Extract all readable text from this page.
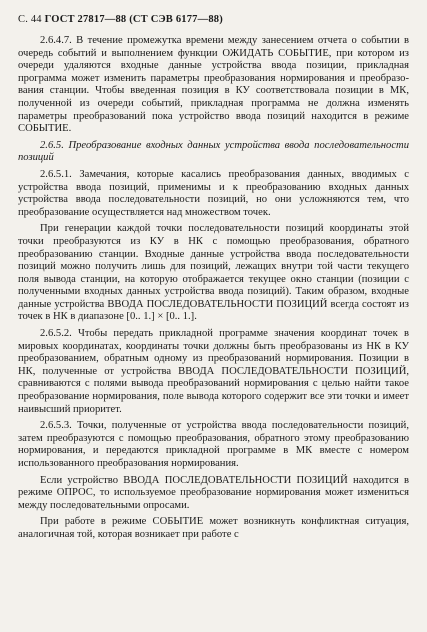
С. 44 ГОСТ 27817—88 (СТ СЭВ 6177—88)

2.6.4.7. В течение промежутка времени между занесением отчета о событии в очередь событий и выполнением функции ОЖИДАТЬ СОБЫТИЕ, при котором из очереди удаляются входные данные устройства ввода позиции, прикладная программа может изменить параметры преобразования нормирования и преобразования станции. Чтобы введенная позиция в КУ соответствовала позиции в МК, полученной из очереди событий, прикладная программа не должна изменять параметры преобразований пока устройство ввода позиций находится в режиме СОБЫТИЕ.

2.6.5. Преобразование входных данных устройства ввода последовательности позиций

2.6.5.1. Замечания, которые касались преобразования данных, вводимых с устройства ввода позиций, применимы и к преобразованию входных данных устройства ввода последовательности позиций, но они усложняются тем, что преобразование осуществляется над множеством точек.

При генерации каждой точки последовательности позиций координаты этой точки преобразуются из КУ в НК с помощью преобразования, обратного преобразованию станции. Входные данные устройства ввода последовательности позиций можно получить лишь для позиций, лежащих внутри той части текущего поля вывода станции, на которую отображается текущее окно станции (позиции с полученными входных данных устройства ввода позиций). Таким образом, входные данные устройства ВВОДА ПОСЛЕДОВАТЕЛЬНОСТИ ПОЗИЦИЙ всегда состоят из точек в НК в диапазоне [0.. 1.] × [0.. 1.].

2.6.5.2. Чтобы передать прикладной программе значения координат точек в мировых координатах, координаты точки должны быть преобразованы из НК в КУ преобразованием, обратным одному из преобразований нормирования. Позиции в НК, полученные от устройства ВВОДА ПОСЛЕДОВАТЕЛЬНОСТИ ПОЗИЦИЙ, сравниваются с полями вывода преобразований нормирования с целью найти такое преобразование нормирования, поле вывода которого содержит все эти точки и имеет наивысший приоритет.

2.6.5.3. Точки, полученные от устройства ввода последовательности позиций, затем преобразуются с помощью преобразования, обратного этому преобразованию нормирования, и передаются прикладной программе в МК вместе с номером использованного преобразования нормирования.

Если устройство ВВОДА ПОСЛЕДОВАТЕЛЬНОСТИ ПОЗИЦИЙ находится в режиме ОПРОС, то используемое преобразование нормирования может измениться между последовательными опросами.

При работе в режиме СОБЫТИЕ может возникнуть конфликтная ситуация, аналогичная той, которая возникает при работе с
